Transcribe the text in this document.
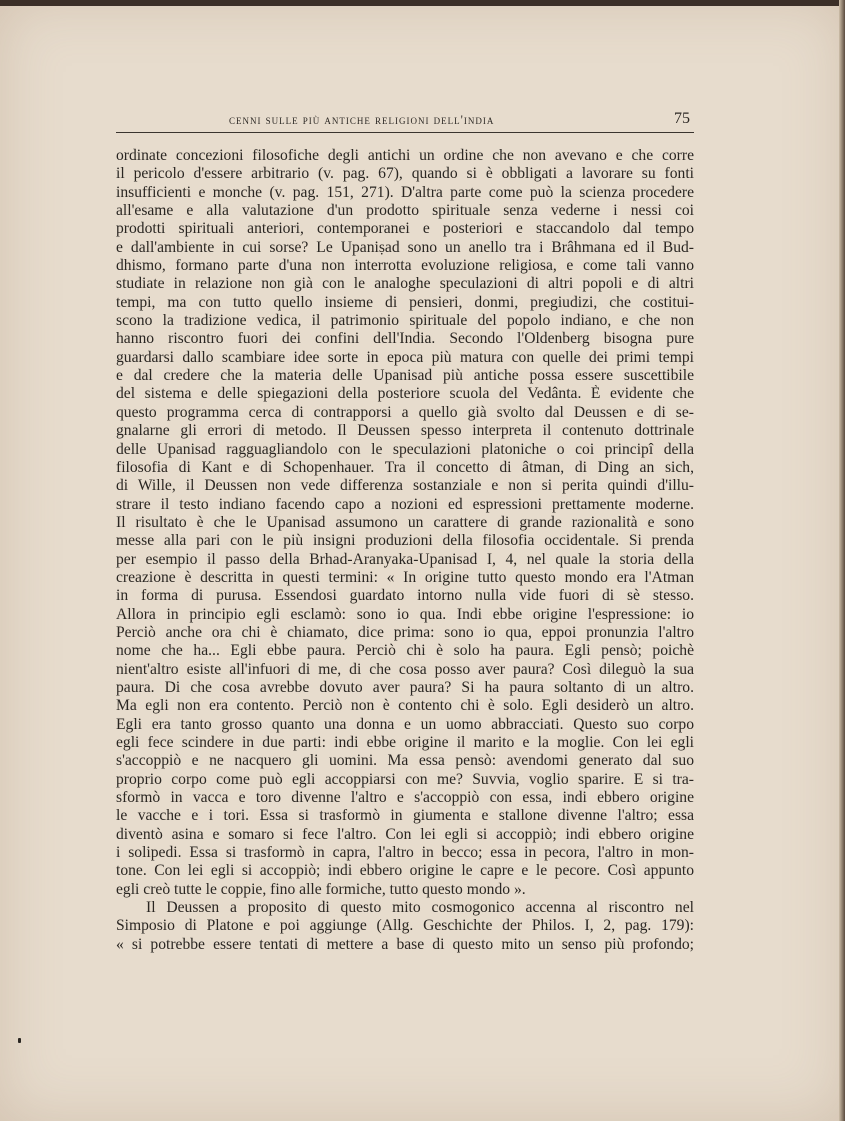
cenni sulle più antiche religioni dell'india	75
ordinate concezioni filosofiche degli antichi un ordine che non avevano e che corre
il pericolo d'essere arbitrario (v. pag. 67), quando si è obbligati a lavorare su fonti
insufficienti e monche (v. pag. 151, 271). D'altra parte come può la scienza procedere
all'esame e alla valutazione d'un prodotto spirituale senza vederne i nessi coi
prodotti spirituali anteriori, contemporanei e posteriori e staccandolo dal tempo
e dall'ambiente in cui sorse? Le Upaniṣad sono un anello tra i Brâhmana ed il Bud-
dhismo, formano parte d'una non interrotta evoluzione religiosa, e come tali vanno
studiate in relazione non già con le analoghe speculazioni di altri popoli e di altri
tempi, ma con tutto quello insieme di pensieri, donmi, pregiudizi, che costitui-
scono la tradizione vedica, il patrimonio spirituale del popolo indiano, e che non
hanno riscontro fuori dei confini dell'India. Secondo l'Oldenberg bisogna pure
guardarsi dallo scambiare idee sorte in epoca più matura con quelle dei primi tempi
e dal credere che la materia delle Upanisad più antiche possa essere suscettibile
del sistema e delle spiegazioni della posteriore scuola del Vedânta. È evidente che
questo programma cerca di contrapporsi a quello già svolto dal Deussen e di se-
gnalarne gli errori di metodo. Il Deussen spesso interpreta il contenuto dottrinale
delle Upanisad ragguagliandolo con le speculazioni platoniche o coi principî della
filosofia di Kant e di Schopenhauer. Tra il concetto di âtman, di Ding an sich,
di Wille, il Deussen non vede differenza sostanziale e non si perita quindi d'illu-
strare il testo indiano facendo capo a nozioni ed espressioni prettamente moderne.
Il risultato è che le Upanisad assumono un carattere di grande razionalità e sono
messe alla pari con le più insigni produzioni della filosofia occidentale. Si prenda
per esempio il passo della Brhad-Aranyaka-Upanisad I, 4, nel quale la storia della
creazione è descritta in questi termini: « In origine tutto questo mondo era l'Atman
in forma di purusa. Essendosi guardato intorno nulla vide fuori di sè stesso.
Allora in principio egli esclamò: sono io qua. Indi ebbe origine l'espressione: io
Perciò anche ora chi è chiamato, dice prima: sono io qua, eppoi pronunzia l'altro
nome che ha... Egli ebbe paura. Perciò chi è solo ha paura. Egli pensò; poichè
nient'altro esiste all'infuori di me, di che cosa posso aver paura? Così dileguò la sua
paura. Di che cosa avrebbe dovuto aver paura? Si ha paura soltanto di un altro.
Ma egli non era contento. Perciò non è contento chi è solo. Egli desiderò un altro.
Egli era tanto grosso quanto una donna e un uomo abbracciati. Questo suo corpo
egli fece scindere in due parti: indi ebbe origine il marito e la moglie. Con lei egli
s'accoppiò e ne nacquero gli uomini. Ma essa pensò: avendomi generato dal suo
proprio corpo come può egli accoppiarsi con me? Suvvia, voglio sparire. E si tra-
sformò in vacca e toro divenne l'altro e s'accoppiò con essa, indi ebbero origine
le vacche e i tori. Essa si trasformò in giumenta e stallone divenne l'altro; essa
diventò asina e somaro si fece l'altro. Con lei egli si accoppiò; indi ebbero origine
i solipedi. Essa si trasformò in capra, l'altro in becco; essa in pecora, l'altro in mon-
tone. Con lei egli si accoppiò; indi ebbero origine le capre e le pecore. Così appunto
egli creò tutte le coppie, fino alle formiche, tutto questo mondo ».
Il Deussen a proposito di questo mito cosmogonico accenna al riscontro nel
Simposio di Platone e poi aggiunge (Allg. Geschichte der Philos. I, 2, pag. 179):
« si potrebbe essere tentati di mettere a base di questo mito un senso più profondo;
